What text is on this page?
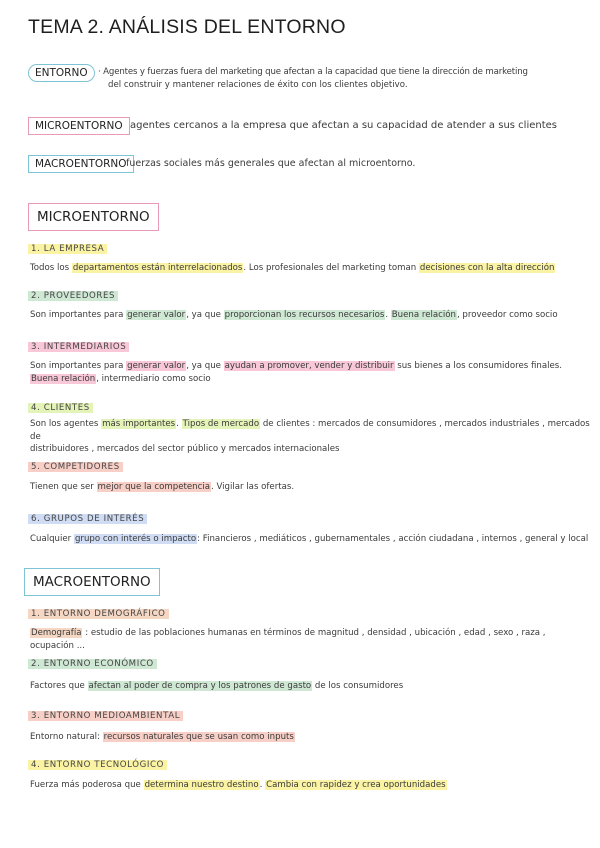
TEMA 2. ANÁLISIS DEL ENTORNO
ENTORNO	· Agentes y fuerzas fuera del marketing que afectan a la capacidad que tiene la dirección de marketing
del construir y mantener relaciones de éxito con los clientes objetivo.
MICROENTORNO agentes cercanos a la empresa que afectan a su capacidad de atender a sus clientes
MACROENTORNO fuerzas sociales más generales que afectan al microentorno.
MICROENTORNO
1. LA EMPRESA
Todos los departamentos están interrelacionados. Los profesionales del marketing toman decisiones con la alta dirección
2. PROVEEDORES
Son importantes para generar valor, ya que proporcionan los recursos necesarios. Buena relación, proveedor como socio
3. INTERMEDIARIOS
Son importantes para generar valor, ya que ayudan a promover, vender y distribuir sus bienes a los consumidores finales.
Buena relación, intermediario como socio
4. CLIENTES
Son los agentes más importantes. Tipos de mercado de clientes : mercados de consumidores , mercados industriales , mercados de
distribuidores , mercados del sector público y mercados internacionales
5. COMPETIDORES
Tienen que ser mejor que la competencia. Vigilar las ofertas.
6. GRUPOS DE INTERÉS
Cualquier grupo con interés o impacto: Financieros , mediáticos , gubernamentales , acción ciudadana , internos , general y local
MACROENTORNO
1. ENTORNO DEMOGRÁFICO
Demografía : estudio de las poblaciones humanas en términos de magnitud , densidad , ubicación , edad , sexo , raza , ocupación ...
2. ENTORNO ECONÓMICO
Factores que afectan al poder de compra y los patrones de gasto de los consumidores
3. ENTORNO MEDIOAMBIENTAL
Entorno natural: recursos naturales que se usan como inputs
4. ENTORNO TECNOLÓGICO
Fuerza más poderosa que determina nuestro destino. Cambia con rapidez y crea oportunidades
